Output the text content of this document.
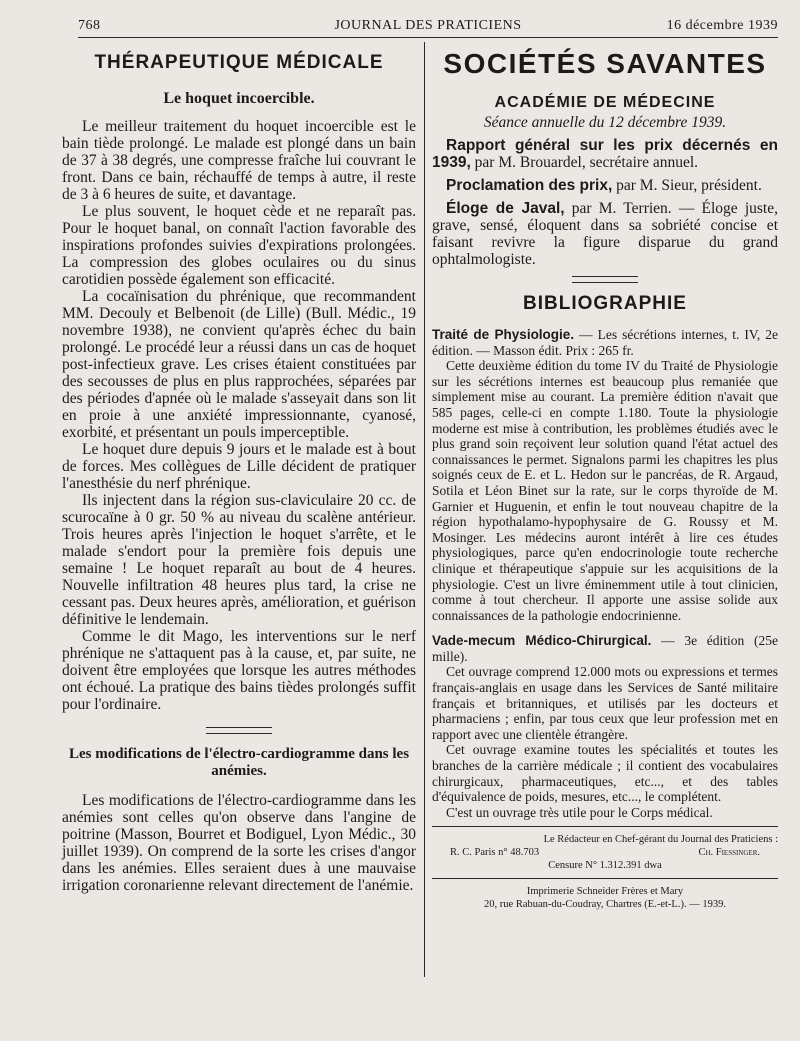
768	JOURNAL DES PRATICIENS	16 décembre 1939
THÉRAPEUTIQUE MÉDICALE
Le hoquet incoercible.

Le meilleur traitement du hoquet incoercible est le bain tiède prolongé. Le malade est plongé dans un bain de 37 à 38 degrés, une compresse fraîche lui couvrant le front. Dans ce bain, réchauffé de temps à autre, il reste de 3 à 6 heures de suite, et davantage.

Le plus souvent, le hoquet cède et ne reparaît pas. Pour le hoquet banal, on connaît l'action favorable des inspirations profondes suivies d'expirations prolongées. La compression des globes oculaires ou du sinus carotidien possède également son efficacité.

La cocaïnisation du phrénique, que recommandent MM. Decouly et Belbenoit (de Lille) (Bull. Médic., 19 novembre 1938), ne convient qu'après échec du bain prolongé. Le procédé leur a réussi dans un cas de hoquet post-infectieux grave. Les crises étaient constituées par des secousses de plus en plus rapprochées, séparées par des périodes d'apnée où le malade s'asseyait dans son lit en proie à une anxiété impressionnante, cyanosé, exorbité, et présentant un pouls imperceptible.

Le hoquet dure depuis 9 jours et le malade est à bout de forces. Mes collègues de Lille décident de pratiquer l'anesthésie du nerf phrénique.

Ils injectent dans la région sus-claviculaire 20 cc. de scurocaïne à 0 gr. 50 % au niveau du scalène antérieur. Trois heures après l'injection le hoquet s'arrête, et le malade s'endort pour la première fois depuis une semaine ! Le hoquet reparaît au bout de 4 heures. Nouvelle infiltration 48 heures plus tard, la crise ne cessant pas. Deux heures après, amélioration, et guérison définitive le lendemain.

Comme le dit Mago, les interventions sur le nerf phrénique ne s'attaquent pas à la cause, et, par suite, ne doivent être employées que lorsque les autres méthodes ont échoué. La pratique des bains tièdes prolongés suffit pour l'ordinaire.

Les modifications de l'électro-cardiogramme dans les anémies.

Les modifications de l'électro-cardiogramme dans les anémies sont celles qu'on observe dans l'angine de poitrine (Masson, Bourret et Bodiguel, Lyon Médic., 30 juillet 1939). On comprend de la sorte les crises d'angor dans les anémies. Elles seraient dues à une mauvaise irrigation coronarienne relevant directement de l'anémie.

SOCIÉTÉS SAVANTES
ACADÉMIE DE MÉDECINE
Séance annuelle du 12 décembre 1939.
Rapport général sur les prix décernés en 1939, par M. Brouardel, secrétaire annuel.
Proclamation des prix, par M. Sieur, président.
Éloge de Javal, par M. Terrien. — Éloge juste, grave, sensé, éloquent dans sa sobriété concise et faisant revivre la figure disparue du grand ophtalmologiste.
BIBLIOGRAPHIE
Traité de Physiologie. — Les sécrétions internes, t. IV, 2e édition. — Masson édit. Prix : 265 fr.

Cette deuxième édition du tome IV du Traité de Physiologie sur les sécrétions internes est beaucoup plus remaniée que simplement mise au courant. La première édition n'avait que 585 pages, celle-ci en compte 1.180. Toute la physiologie moderne est mise à contribution, les problèmes étudiés avec le plus grand soin reçoivent leur solution quand l'état actuel des connaissances le permet. Signalons parmi les chapitres les plus soignés ceux de E. et L. Hedon sur le pancréas, de R. Argaud, Sotila et Léon Binet sur la rate, sur le corps thyroïde de M. Garnier et Huguenin, et enfin le tout nouveau chapitre de la région hypothalamo-hypophysaire de G. Roussy et M. Mosinger. Les médecins auront intérêt à lire ces études physiologiques, parce qu'en endocrinologie toute recherche clinique et thérapeutique s'appuie sur les acquisitions de la physiologie. C'est un livre éminemment utile à tout clinicien, comme à tout chercheur. Il apporte une assise solide aux connaissances de la pathologie endocrinienne.

Vade-mecum Médico-Chirurgical. — 3e édition (25e mille).

Cet ouvrage comprend 12.000 mots ou expressions et termes français-anglais en usage dans les Services de Santé militaire français et britanniques, et utilisés par les docteurs et pharmaciens ; enfin, par tous ceux que leur profession met en rapport avec une clientèle étrangère.

Cet ouvrage examine toutes les spécialités et toutes les branches de la carrière médicale ; il contient des vocabulaires chirurgicaux, pharmaceutiques, etc..., et des tables d'équivalence de poids, mesures, etc..., le complétent.

C'est un ouvrage très utile pour le Corps médical.

Le Rédacteur en Chef-gérant du Journal des Praticiens :
R. C. Paris n° 48.703	Ch. Fiessinger.
Censure N° 1.312.391 dwa
Imprimerie Schneider Frères et Mary
20, rue Rabuan-du-Coudray, Chartres (E.-et-L.). — 1939.
